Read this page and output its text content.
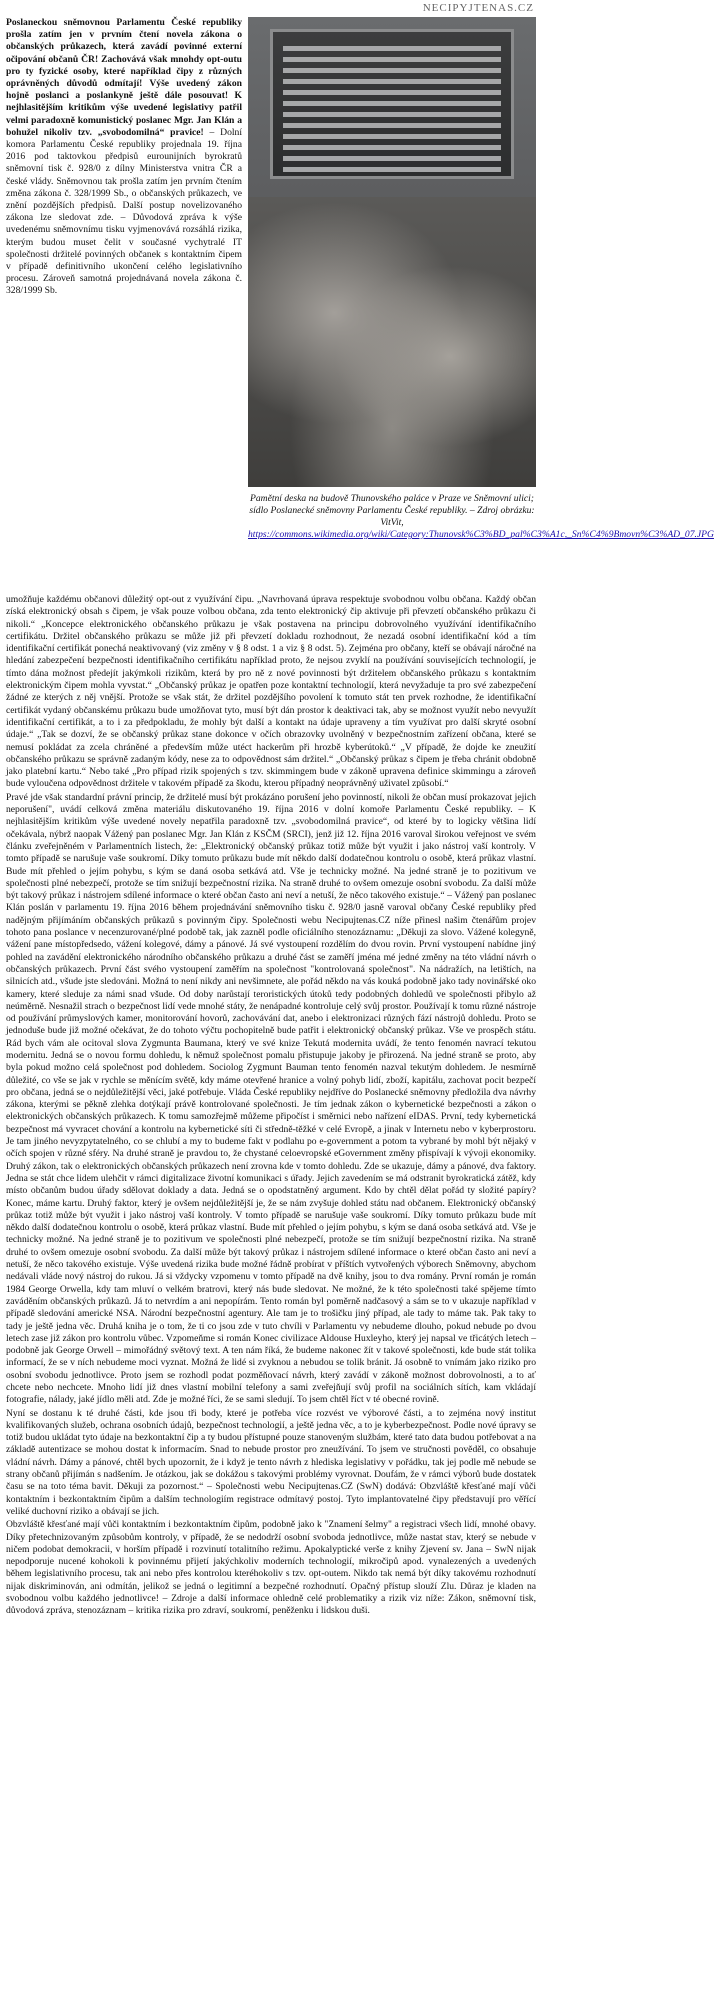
NECIPYJTENAS.CZ

Poslaneckou sněmovnou Parlamentu České republiky prošla zatím jen v prvním čtení novela zákona o občanských průkazech, která zavádí povinné externí očipování občanů ČR! Zachovává však mnohdy opt-outu pro ty fyzické osoby, které například čipy z různých oprávněných důvodů odmítají! Výše uvedený zákon hojně poslanci a poslankyně ještě dále posouvat! K nejhlasitějším kritikům výše uvedené legislativy patřil velmi paradoxně komunistický poslanec Mgr. Jan Klán a bohužel nikoliv tzv. „svobodomilná“ pravice! – Dolní komora Parlamentu České republiky projednala 19. října 2016 pod taktovkou předpisů eurounijních byrokratů sněmovní tisk č. 928/0 z dílny Ministerstva vnitra ČR a české vlády. Sněmovnou tak prošla zatím jen prvním čtením změna zákona č. 328/1999 Sb., o občanských průkazech, ve znění pozdějších předpisů. Další postup novelizovaného zákona lze sledovat zde. – Důvodová zpráva k výše uvedenému sněmovnímu tisku vyjmenovává rozsáhlá rizika, kterým budou muset čelit v současné vychytralé IT společnosti držitelé povinných občanek s kontaktním čipem v případě definitivního ukončení celého legislativního procesu. Zároveň samotná projednávaná novela zákona č. 328/1999 Sb.

Pamětní deska na budově Thunovského paláce v Praze ve Sněmovní ulici; sídlo Poslanecké sněmovny Parlamentu České republiky. – Zdroj obrázku: VitVit, https://commons.wikimedia.org/wiki/Category:Thunovsk%C3%BD_pal%C3%A1c,_Sn%C4%9Bmovn%C3%AD_07.JPG

umožňuje každému občanovi důležitý opt-out z využívání čipu. „Navrhovaná úprava respektuje svobodnou volbu občana. Každý občan získá elektronický obsah s čipem, je však pouze volbou občana, zda tento elektronický čip aktivuje při převzetí občanského průkazu či nikoli.“ „Koncepce elektronického občanského průkazu je však postavena na principu dobrovolného využívání identifikačního certifikátu. Držitel občanského průkazu se může již při převzetí dokladu rozhodnout, že nezadá osobní identifikační kód a tím identifikační certifikát ponechá neaktivovaný (viz změny v § 8 odst. 1 a viz § 8 odst. 5). Zejména pro občany, kteří se obávají náročné na hledání zabezpečení bezpečnosti identifikačního certifikátu například proto, že nejsou zvyklí na používání souvisejících technologií, je tímto dána možnost předejít jakýmkoli rizikům, která by pro ně z nové povinnosti být držitelem občanského průkazu s kontaktním elektronickým čipem mohla vyvstat.“ „Občanský průkaz je opatřen poze kontaktní technologií, která nevyžaduje ta pro své zabezpečení žádné ze kterých z něj vnější. Protože se však stát, že držitel pozdějšího povolení k tomuto stát ten prvek rozhodne, že identifikační certifikát vydaný občanskému průkazu bude umožňovat tyto, musí být dán prostor k deaktivaci tak, aby se možnost využít nebo nevyužít identifikační certifikát, a to i za předpokladu, že mohly být další a kontakt na údaje upraveny a tím využívat pro další skryté osobní údaje.“ „Tak se dozví, že se občanský průkaz stane dokonce v očích obrazovky uvolněný v bezpečnostním zařízení občana, které se nemusí pokládat za zcela chráněné a především může utéct hackerům při hrozbě kyberútoků.“ „V případě, že dojde ke zneužití občanského průkazu se správně zadaným kódy, nese za to odpovědnost sám držitel.“ „Občanský průkaz s čipem je třeba chránit obdobně jako platební kartu.“ Nebo také „Pro případ rizik spojených s tzv. skimmingem bude v zákoně upravena definice skimmingu a zároveň bude vyloučena odpovědnost držitele v takovém případě za škodu, kterou případný neoprávněný uživatel způsobí.“

Pravé jde však standardní právní princip, že držitelé musí být prokázáno porušení jeho povinností, nikoli že občan musí prokazovat jejich neporušení", uvádí celková změna materiálu diskutovaného 19. října 2016 v dolní komoře Parlamentu České republiky. – K nejhlasitějším kritikům výše uvedené novely nepatřila paradoxně tzv. „svobodomilná pravice“, od které by to logicky většina lidí očekávala, nýbrž naopak Vážený pan poslanec Mgr. Jan Klán z KSČM (SRCI), jenž již 12. října 2016 varoval širokou veřejnost ve svém článku zveřejněném v Parlamentních listech, že: „Elektronický občanský průkaz totiž může být využit i jako nástroj vaší kontroly. V tomto případě se narušuje vaše soukromí. Díky tomuto průkazu bude mít někdo další dodatečnou kontrolu o osobě, která průkaz vlastní. Bude mít přehled o jejím pohybu, s kým se daná osoba setkává atd. Vše je technicky možné. Na jedné straně je to pozitivum ve společnosti plné nebezpečí, protože se tím snižují bezpečnostní rizika. Na straně druhé to ovšem omezuje osobní svobodu. Za další může být takový průkaz i nástrojem sdílené informace o které občan často ani neví a netuší, že něco takového existuje.“ – Vážený pan poslanec Klán poslán v parlamentu 19. října 2016 během projednávání sněmovního tisku č. 928/0 jasně varoval občany České republiky před nadějným přijímáním občanských průkazů s povinným čipy. Společnosti webu Necipujtenas.CZ níže přinesl našim čtenářům projev tohoto pana poslance v necenzurované/plné podobě tak, jak zazněl podle oficiálního stenozáznamu: „Děkuji za slovo. Vážené kolegyně, vážení pane místopředsedo, vážení kolegové, dámy a pánové. Já své vystoupení rozdělím do dvou rovin. První vystoupení nabídne jiný pohled na zavádění elektronického národního občanského průkazu a druhé část se zaměří jména mé jedné změny na této vládní návrh o občanských průkazech. První část svého vystoupení zaměřím na společnost "kontrolovaná společnost". Na nádražích, na letištích, na silnicích atd., všude jste sledováni. Možná to není nikdy ani nevšimnete, ale pořád někdo na vás kouká podobně jako tady novinářské oko kamery, které sleduje za námi snad všude. Od doby narůstají teroristických útoků tedy podobných dohledů ve společnosti přibylo až neúměrně. Nesnažil strach o bezpečnost lidí vede mnohé státy, že nenápadné kontroluje celý svůj prostor. Používají k tomu různé nástroje od používání průmyslových kamer, monitorování hovorů, zachovávání dat, anebo i elektronizaci různých fází nástrojů dohledu. Proto se jednoduše bude již možné očekávat, že do tohoto výčtu pochopitelně bude patřit i elektronický občanský průkaz. Vše ve prospěch státu. Rád bych vám ale ocitoval slova Zygmunta Baumana, který ve své knize Tekutá modernita uvádí, že tento fenomén navrací tekutou modernitu. Jedná se o novou formu dohledu, k němuž společnost pomalu přistupuje jakoby je přirozená. Na jedné straně se proto, aby byla pokud možno celá společnost pod dohledem. Sociolog Zygmunt Bauman tento fenomén nazval tekutým dohledem. Je nesmírně důležité, co vše se jak v rychle se měnícím světě, kdy máme otevřené hranice a volný pohyb lidí, zboží, kapitálu, zachovat pocit bezpečí pro občana, jedná se o nejdůležitější věci, jaké potřebuje. Vláda České republiky nejdříve do Poslanecké sněmovny předložila dva návrhy zákona, kterými se pěkně zlehka dotýkají právě kontrolované společnosti. Je tím jednak zákon o kybernetické bezpečnosti a zákon o elektronických občanských průkazech. K tomu samozřejmě můžeme připočíst i směrnici nebo nařízení eIDAS. První, tedy kybernetická bezpečnost má vyvracet chování a kontrolu na kybernetické síti či středně-těžké v celé Evropě, a jinak v Internetu nebo v kyberprostoru. Je tam jiného nevyzpytatelného, co se chlubí a my to budeme fakt v podlahu po e-government a potom ta vybrané by mohl být nějaký v očích spojen v různé sféry. Na druhé straně je pravdou to, že chystané celoevropské eGovernment změny přispívají k vývoji ekonomiky. Druhý zákon, tak o elektronických občanských průkazech není zrovna kde v tomto dohledu. Zde se ukazuje, dámy a pánové, dva faktory. Jedna se stát chce lidem ulehčit v rámci digitalizace životní komunikaci s úřady. Jejich zavedením se má odstranit byrokratická zátěž, kdy místo občanům budou úřady sdělovat doklady a data. Jedná se o opodstatněný argument. Kdo by chtěl dělat pořád ty složité papíry? Konec, máme kartu. Druhý faktor, který je ovšem nejdůležitější je, že se nám zvyšuje dohled státu nad občanem. Elektronický občanský průkaz totiž může být využit i jako nástroj vaší kontroly. V tomto případě se narušuje vaše soukromí. Díky tomuto průkazu bude mít někdo další dodatečnou kontrolu o osobě, která průkaz vlastní. Bude mít přehled o jejím pohybu, s kým se daná osoba setkává atd. Vše je technicky možné. Na jedné straně je to pozitivum ve společnosti plné nebezpečí, protože se tím snižují bezpečnostní rizika. Na straně druhé to ovšem omezuje osobní svobodu. Za další může být takový průkaz i nástrojem sdílené informace o které občan často ani neví a netuší, že něco takového existuje. Výše uvedená rizika bude možné řádně probírat v příštích vytvořených výborech Sněmovny, abychom nedávali vláde nový nástroj do rukou. Já si vždycky vzpomenu v tomto případě na dvě knihy, jsou to dva romány. První román je román 1984 George Orwella, kdy tam mluví o velkém bratrovi, který nás bude sledovat. Ne možné, že k této společnosti také spějeme tímto zaváděním občanských průkazů. Já to netvrdím a ani nepopírám. Tento román byl poměrně nadčasový a sám se to v ukazuje například v případě sledování americké NSA. Národní bezpečnostní agentury. Ale tam je to trošičku jiný případ, ale tady to máme tak. Pak taky to tady je ještě jedna věc. Druhá kniha je o tom, že ti co jsou zde v tuto chvíli v Parlamentu vy nebudeme dlouho, pokud nebude po dvou letech zase již zákon pro kontrolu vůbec. Vzpomeňme si román Konec civilizace Aldouse Huxleyho, který jej napsal ve třicátých letech – podobně jak George Orwell – mimořádný světový text. A ten nám říká, že budeme nakonec žít v takové společnosti, kde bude stát tolika informací, že se v ních nebudeme moci vyznat. Možná že lidé si zvyknou a nebudou se tolik bránit. Já osobně to vnímám jako riziko pro osobní svobodu jednotlivce. Proto jsem se rozhodl podat pozměňovací návrh, který zavádí v zákoně možnost dobrovolnosti, a to ať chcete nebo nechcete. Mnoho lidí již dnes vlastní mobilní telefony a sami zveřejňují svůj profil na sociálních sítích, kam vkládají fotografie, nálady, jaké jídlo měli atd. Zde je možné říci, že se sami sledují. To jsem chtěl říct v té obecné rovině.

Nyní se dostanu k té druhé části, kde jsou tři body, které je potřeba více rozvést ve výborové části, a to zejména nový institut kvalifikovaných služeb, ochrana osobních údajů, bezpečnost technologií, a ještě jedna věc, a to je kyberbezpečnost. Podle nové úpravy se totiž budou ukládat tyto údaje na bezkontaktní čip a ty budou přístupné pouze stanoveným službám, které tato data budou potřebovat a na základě autentizace se mohou dostat k informacím. Snad to nebude prostor pro zneužívání. To jsem ve stručnosti pověděl, co obsahuje vládní návrh. Dámy a pánové, chtěl bych upozornit, že i když je tento návrh z hlediska legislativy v pořádku, tak jej podle mě nebude se strany občanů přijímán s nadšením. Je otázkou, jak se dokážou s takovými problémy vyrovnat. Doufám, že v rámci výborů bude dostatek času se na toto téma bavit. Děkuji za pozornost.“ – Společnosti webu Necipujtenas.CZ (SwN) dodává: Obzvláště křesťané mají vůči kontaktním i bezkontaktním čipům a dalším technologiím registrace odmítavý postoj. Tyto implantovatelné čipy představují pro věřící veliké duchovní riziko a obávají se jich.

Obzvláště křesťané mají vůči kontaktním i bezkontaktním čipům, podobně jako k "Znamení šelmy" a registraci všech lidí, mnohé obavy. Díky přetechnizovaným způsobům kontroly, v případě, že se nedodrží osobní svoboda jednotlivce, může nastat stav, který se nebude v ničem podobat demokracii, v horším případě i rozvinutí totalitního režimu. Apokalyptické verše z knihy Zjevení sv. Jana – SwN nijak nepodporuje nucené kohokoli k povinnému přijetí jakýchkoliv moderních technologií, mikročipů apod. vynalezených a uvedených během legislativního procesu, tak ani nebo přes kontrolou kteréhokoliv s tzv. opt-outem. Nikdo tak nemá být díky takovému rozhodnutí nijak diskriminován, ani odmítán, jelikož se jedná o legitimní a bezpečné rozhodnutí. Opačný přístup slouží Zlu. Důraz je kladen na svobodnou volbu každého jednotlivce! – Zdroje a další informace ohledně celé problematiky a rizik viz níže: Zákon, sněmovní tisk, důvodová zpráva, stenozáznam – kritika rizika pro zdraví, soukromí, peněženku i lidskou duši.
